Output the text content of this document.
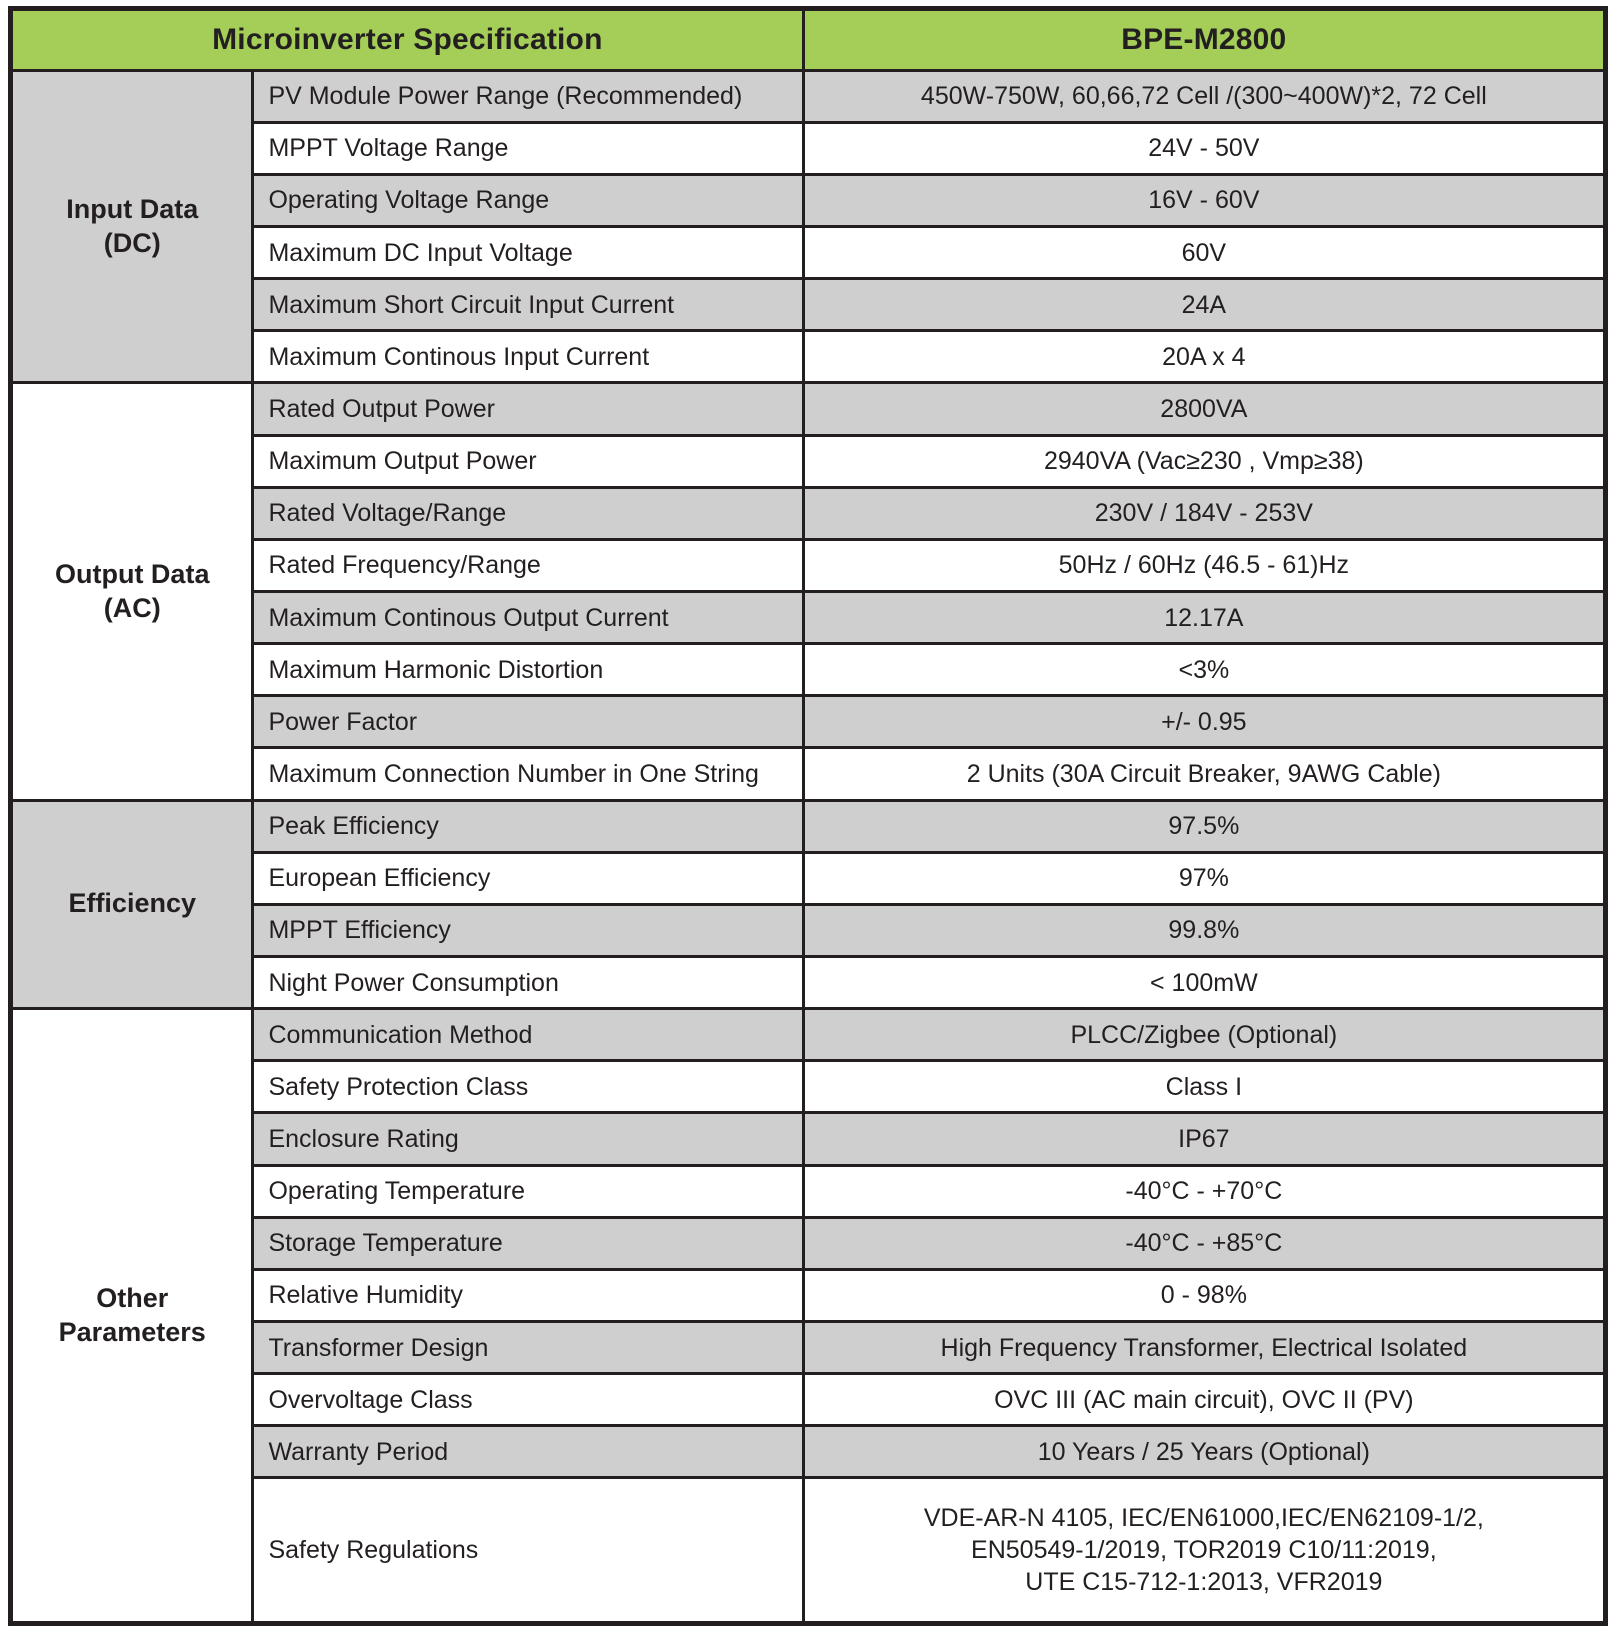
Microinverter Specification		BPE-M2800
Input Data
(DC)	PV Module Power Range (Recommended)	450W-750W, 60,66,72 Cell /(300~400W)*2, 72 Cell
	MPPT Voltage Range	24V - 50V
	Operating Voltage Range	16V - 60V
	Maximum DC Input Voltage	60V
	Maximum Short Circuit Input Current	24A
	Maximum Continous Input Current	20A x 4
Output Data
(AC)	Rated Output Power	2800VA
	Maximum Output Power	2940VA (Vac≥230 , Vmp≥38)
	Rated Voltage/Range	230V / 184V - 253V
	Rated Frequency/Range	50Hz / 60Hz (46.5 - 61)Hz
	Maximum Continous Output Current	12.17A
	Maximum Harmonic Distortion	<3%
	Power Factor	+/- 0.95
	Maximum Connection Number in One String	2 Units (30A Circuit Breaker, 9AWG Cable)
Efficiency	Peak Efficiency	97.5%
	European Efficiency	97%
	MPPT Efficiency	99.8%
	Night Power Consumption	< 100mW
Other
Parameters	Communication Method	PLCC/Zigbee (Optional)
	Safety Protection Class	Class I
	Enclosure Rating	IP67
	Operating Temperature	-40°C - +70°C
	Storage Temperature	-40°C - +85°C
	Relative Humidity	0 - 98%
	Transformer Design	High Frequency Transformer, Electrical Isolated
	Overvoltage Class	OVC III (AC main circuit), OVC II (PV)
	Warranty Period	10 Years / 25 Years (Optional)
	Safety Regulations	VDE-AR-N 4105, IEC/EN61000,IEC/EN62109-1/2,
EN50549-1/2019, TOR2019 C10/11:2019,
UTE C15-712-1:2013, VFR2019
